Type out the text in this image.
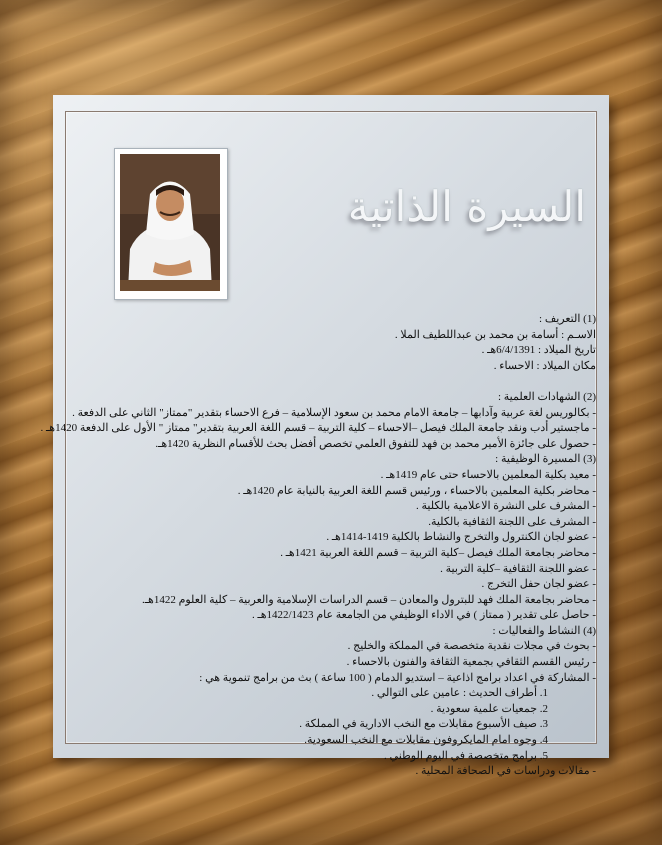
السيرة الذاتية
(1) التعريف :
الاسـم : أسامة بن محمد بن عبداللطيف الملا .
تاريخ الميلاد : 6/4/1391هـ .
مكان الميلاد : الاحساء .
(2) الشهادات العلمية :
- بكالوريس لغة عربية وآدابها – جامعة الامام محمد بن سعود الإسلامية – فرع الاحساء بتقدير "ممتاز" الثاني على الدفعة .
- ماجستير أدب ونقد جامعة الملك فيصل –الاحساء – كلية التربية – قسم اللغة العربية بتقدير" ممتاز " الأول على الدفعة 1420هـ .
- حصول على جائزة الأمير محمد بن فهد للتفوق العلمي تخصص أفضل بحث للأقسام النظرية 1420هـ.
(3) المسيرة الوظيفية :
- معيد بكلية المعلمين بالاحساء حتى عام 1419هـ .
- محاضر بكلية المعلمين بالاحساء ، ورئيس قسم اللغة العربية بالنيابة عام 1420هـ .
- المشرف على النشرة الاعلامية بالكلية .
- المشرف على اللجنة الثقافية بالكلية.
- عضو لجان الكنترول والتخرج والنشاط بالكلية 1419-1414هـ .
- محاضر بجامعة الملك فيصل –كلية التربية – قسم اللغة العربية 1421هـ .
- عضو اللجنة الثقافية –كلية التربية .
- عضو لجان حفل التخرج .
- محاضر بجامعة الملك فهد للبترول والمعادن – قسم الدراسات الإسلامية والعربية – كلية العلوم 1422هـ.
- حاصل على تقدير ( ممتاز ) في الاداء الوظيفي من الجامعة عام 1422/1423هـ .
(4) النشاط والفعاليات :
- بحوث في مجلات نقدية متخصصة في المملكة والخليج .
- رئيس القسم الثقافي بجمعية الثقافة والفنون بالاحساء .
- المشاركة في اعداد برامج اذاعية – استديو الدمام ( 100 ساعة ) بث من برامج تنموية هي :
1. أطراف الحديث : عامين على التوالي .
2. جمعيات علمية سعودية .
3. صيف الأسبوع مقابلات مع النخب الادارية في المملكة .
4. وجوه امام المايكروفون مقابلات مع النخب السعودية.
5. برامج متخصصة في اليوم الوطني .
- مقالات ودراسات في الصحافة المحلية .
